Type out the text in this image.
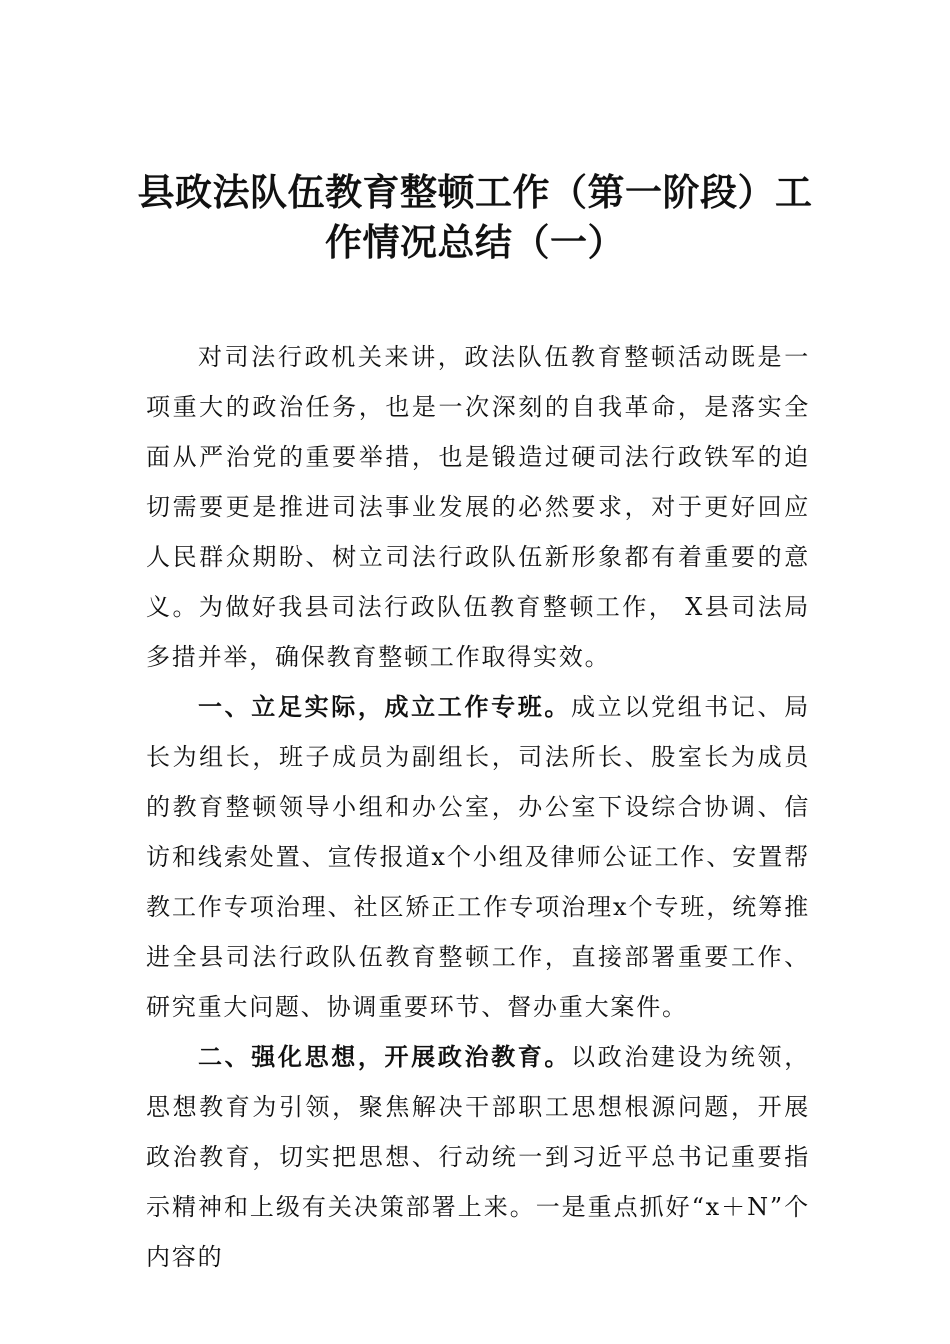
县政法队伍教育整顿工作（第一阶段）工
作情况总结（一）

对司法行政机关来讲，政法队伍教育整顿活动既是一项重大的政治任务，也是一次深刻的自我革命，是落实全面从严治党的重要举措，也是锻造过硬司法行政铁军的迫切需要更是推进司法事业发展的必然要求，对于更好回应人民群众期盼、树立司法行政队伍新形象都有着重要的意义。为做好我县司法行政队伍教育整顿工作， X县司法局多措并举，确保教育整顿工作取得实效。

一、立足实际，成立工作专班。成立以党组书记、局长为组长，班子成员为副组长，司法所长、股室长为成员的教育整顿领导小组和办公室，办公室下设综合协调、信访和线索处置、宣传报道x个小组及律师公证工作、安置帮教工作专项治理、社区矫正工作专项治理x个专班，统筹推进全县司法行政队伍教育整顿工作，直接部署重要工作、研究重大问题、协调重要环节、督办重大案件。

二、强化思想，开展政治教育。以政治建设为统领，思想教育为引领，聚焦解决干部职工思想根源问题，开展政治教育，切实把思想、行动统一到习近平总书记重要指示精神和上级有关决策部署上来。一是重点抓好“x＋N”个内容的
